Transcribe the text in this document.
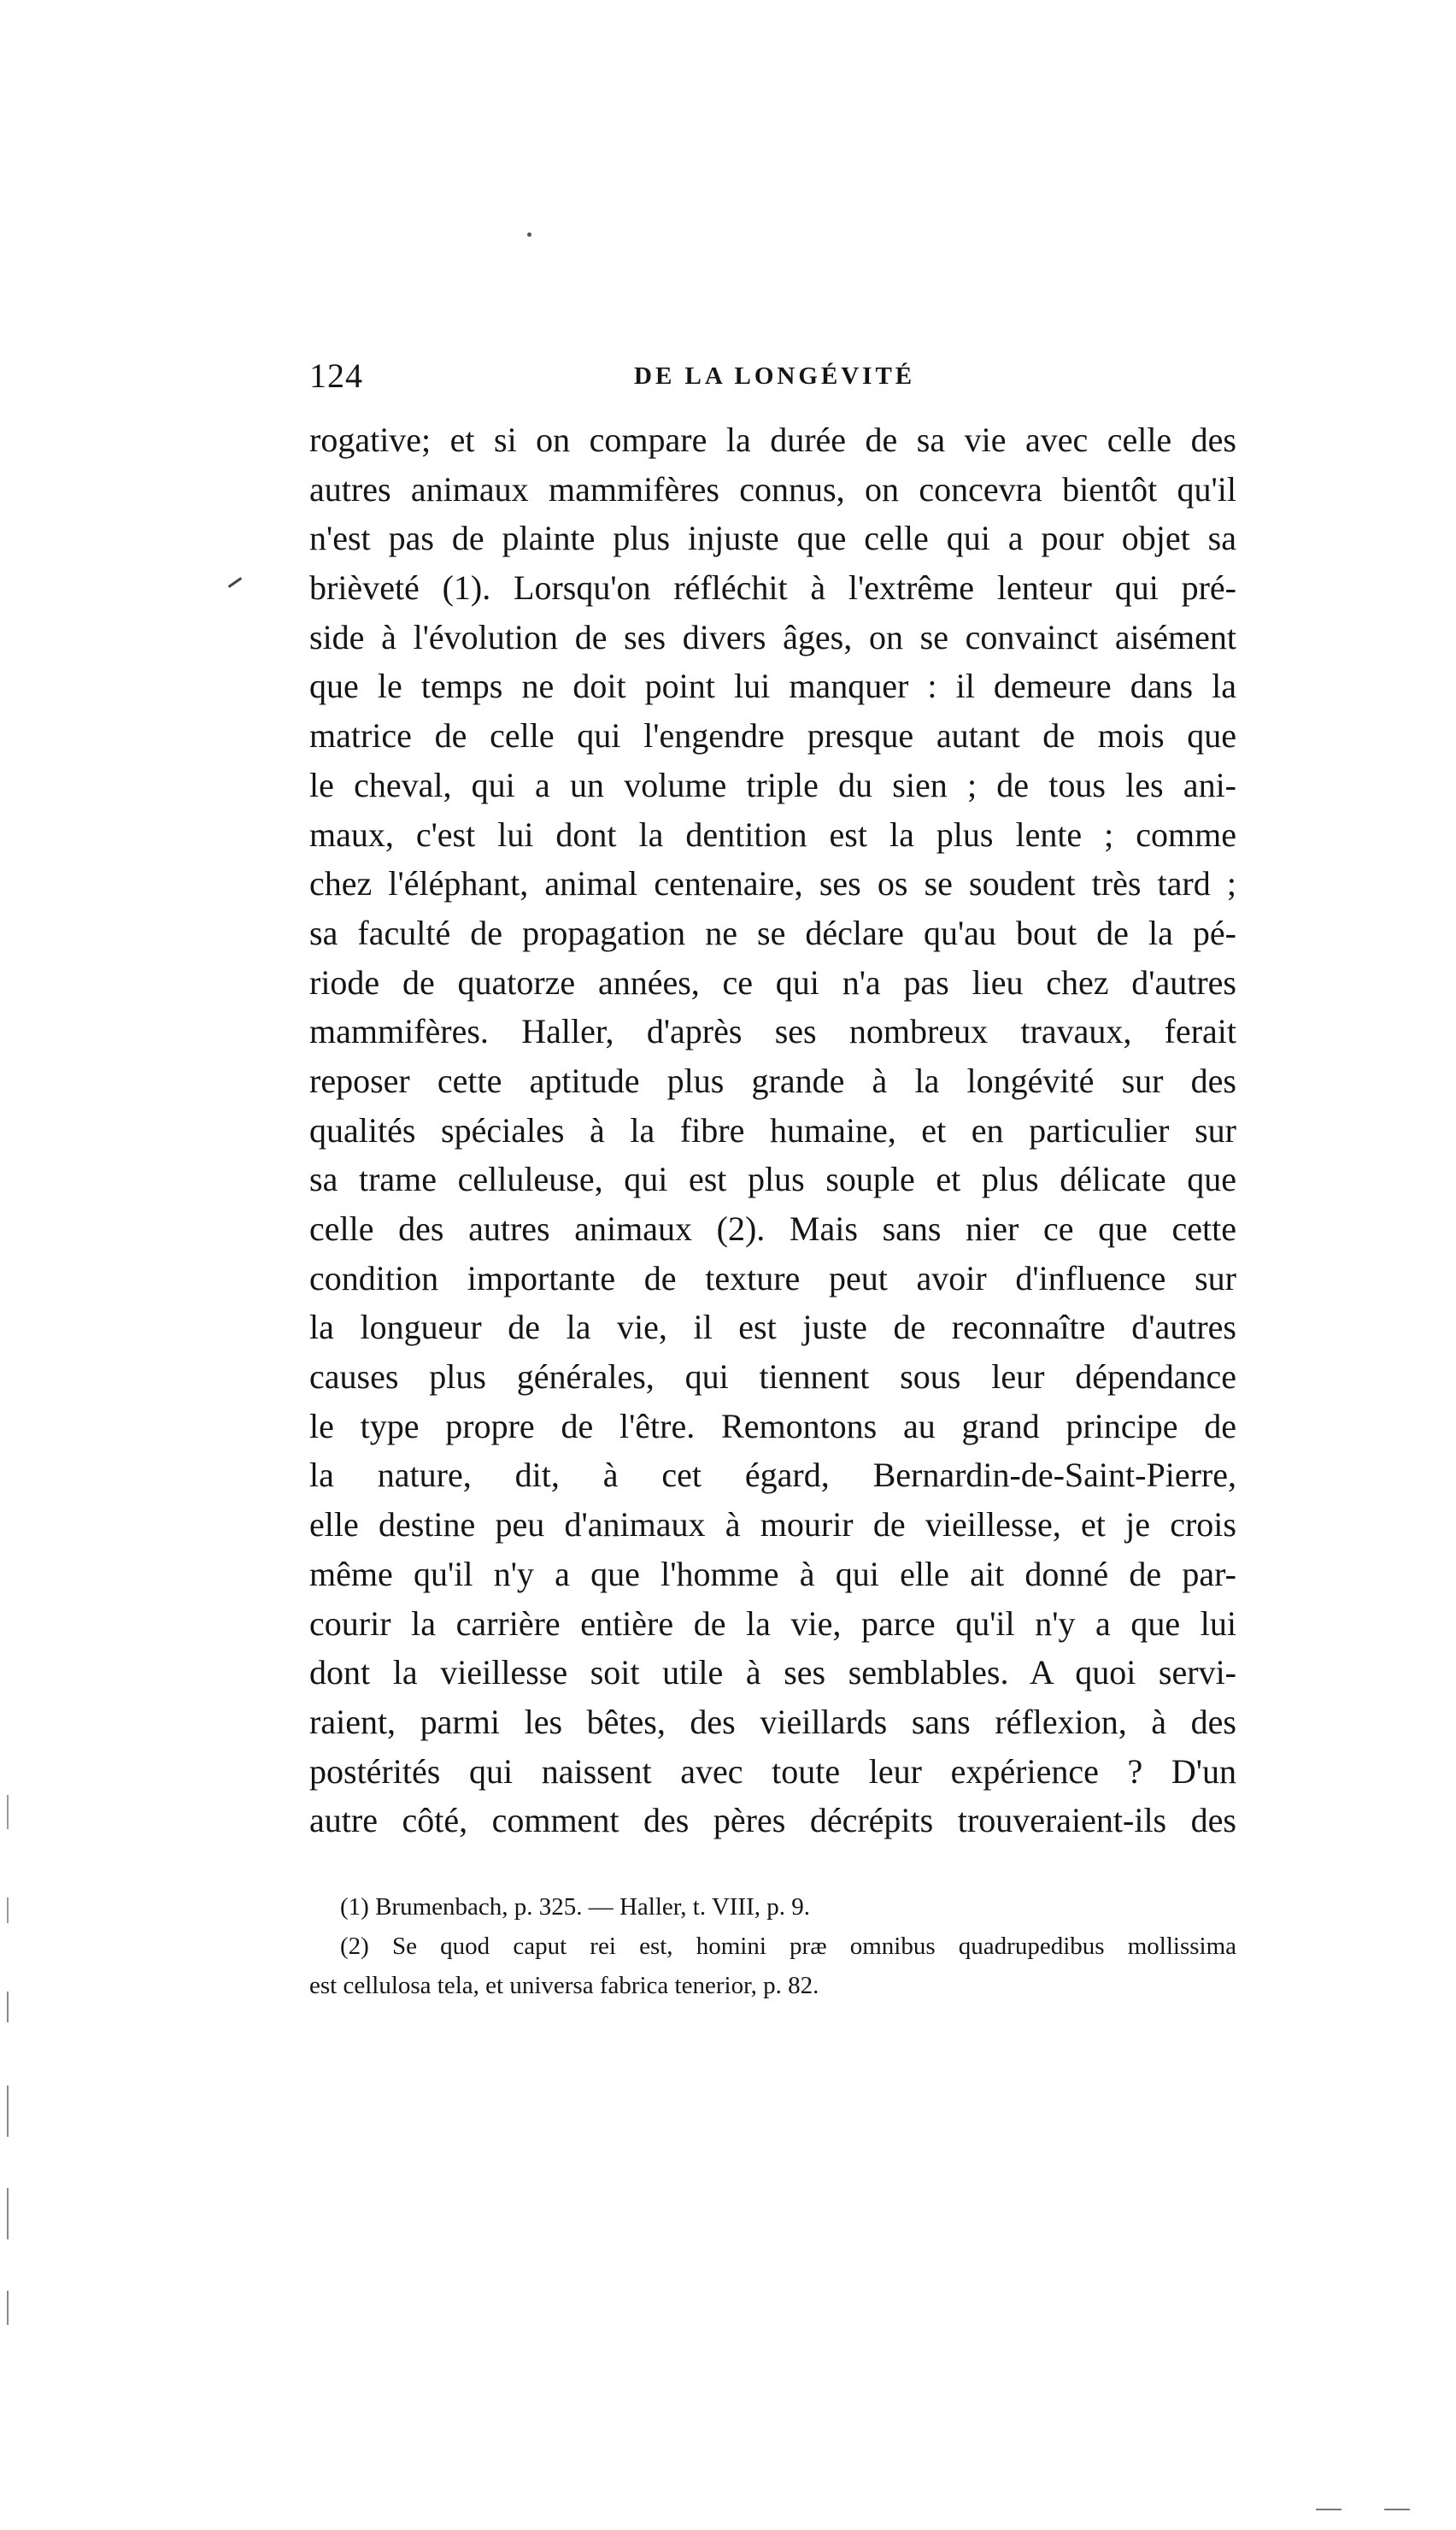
124	DE LA LONGÉVITÉ
rogative; et si on compare la durée de sa vie avec celle des
autres animaux mammifères connus, on concevra bientôt qu'il
n'est pas de plainte plus injuste que celle qui a pour objet sa
brièveté (1). Lorsqu'on réfléchit à l'extrême lenteur qui pré-
side à l'évolution de ses divers âges, on se convainct aisément
que le temps ne doit point lui manquer : il demeure dans la
matrice de celle qui l'engendre presque autant de mois que
le cheval, qui a un volume triple du sien ; de tous les ani-
maux, c'est lui dont la dentition est la plus lente ; comme
chez l'éléphant, animal centenaire, ses os se soudent très tard ;
sa faculté de propagation ne se déclare qu'au bout de la pé-
riode de quatorze années, ce qui n'a pas lieu chez d'autres
mammifères. Haller, d'après ses nombreux travaux, ferait
reposer cette aptitude plus grande à la longévité sur des
qualités spéciales à la fibre humaine, et en particulier sur
sa trame celluleuse, qui est plus souple et plus délicate que
celle des autres animaux (2). Mais sans nier ce que cette
condition importante de texture peut avoir d'influence sur
la longueur de la vie, il est juste de reconnaître d'autres
causes plus générales, qui tiennent sous leur dépendance
le type propre de l'être. Remontons au grand principe de
la nature, dit, à cet égard, Bernardin-de-Saint-Pierre,
elle destine peu d'animaux à mourir de vieillesse, et je crois
même qu'il n'y a que l'homme à qui elle ait donné de par-
courir la carrière entière de la vie, parce qu'il n'y a que lui
dont la vieillesse soit utile à ses semblables. A quoi servi-
raient, parmi les bêtes, des vieillards sans réflexion, à des
postérités qui naissent avec toute leur expérience ? D'un
autre côté, comment des pères décrépits trouveraient-ils des
(1) Brumenbach, p. 325. — Haller, t. VIII, p. 9.
(2) Se quod caput rei est, homini præ omnibus quadrupedibus mollissima
est cellulosa tela, et universa fabrica tenerior, p. 82.
